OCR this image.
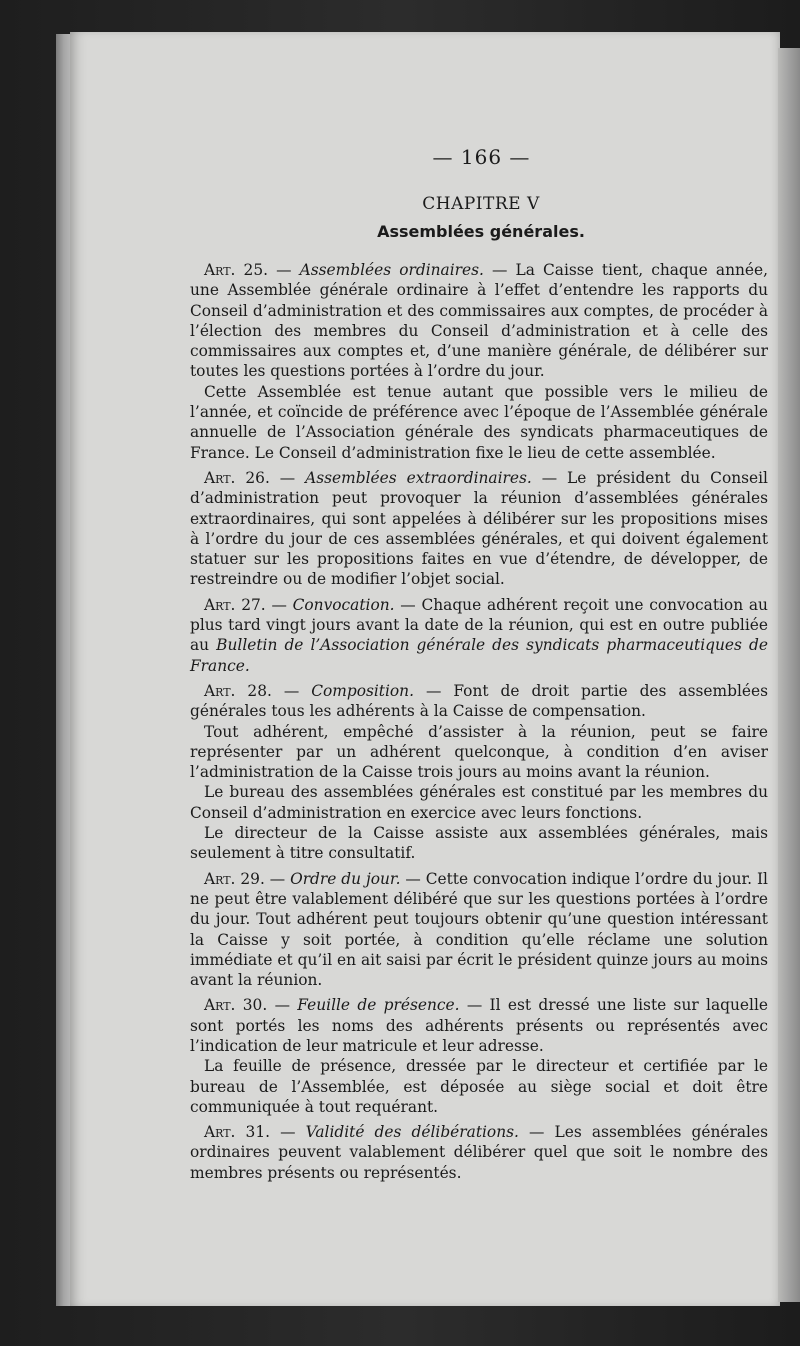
— 166 —
CHAPITRE V
Assemblées générales.

Art. 25. — Assemblées ordinaires. — La Caisse tient, chaque année, une Assemblée générale ordinaire à l’effet d’entendre les rapports du Conseil d’administration et des commissaires aux comptes, de procéder à l’élection des membres du Conseil d’administration et à celle des commissaires aux comptes et, d’une manière générale, de délibérer sur toutes les questions portées à l’ordre du jour.

Cette Assemblée est tenue autant que possible vers le milieu de l’année, et coïncide de préférence avec l’époque de l’Assemblée générale annuelle de l’Association générale des syndicats pharmaceutiques de France. Le Conseil d’administration fixe le lieu de cette assemblée.

Art. 26. — Assemblées extraordinaires. — Le président du Conseil d’administration peut provoquer la réunion d’assemblées générales extraordinaires, qui sont appelées à délibérer sur les propositions mises à l’ordre du jour de ces assemblées générales, et qui doivent également statuer sur les propositions faites en vue d’étendre, de développer, de restreindre ou de modifier l’objet social.

Art. 27. — Convocation. — Chaque adhérent reçoit une convocation au plus tard vingt jours avant la date de la réunion, qui est en outre publiée au Bulletin de l’Association générale des syndicats pharmaceutiques de France.

Art. 28. — Composition. — Font de droit partie des assemblées générales tous les adhérents à la Caisse de compensation.

Tout adhérent, empêché d’assister à la réunion, peut se faire représenter par un adhérent quelconque, à condition d’en aviser l’administration de la Caisse trois jours au moins avant la réunion.

Le bureau des assemblées générales est constitué par les membres du Conseil d’administration en exercice avec leurs fonctions.

Le directeur de la Caisse assiste aux assemblées générales, mais seulement à titre consultatif.

Art. 29. — Ordre du jour. — Cette convocation indique l’ordre du jour. Il ne peut être valablement délibéré que sur les questions portées à l’ordre du jour. Tout adhérent peut toujours obtenir qu’une question intéressant la Caisse y soit portée, à condition qu’elle réclame une solution immédiate et qu’il en ait saisi par écrit le président quinze jours au moins avant la réunion.

Art. 30. — Feuille de présence. — Il est dressé une liste sur laquelle sont portés les noms des adhérents présents ou représentés avec l’indication de leur matricule et leur adresse.

La feuille de présence, dressée par le directeur et certifiée par le bureau de l’Assemblée, est déposée au siège social et doit être communiquée à tout requérant.

Art. 31. — Validité des délibérations. — Les assemblées générales ordinaires peuvent valablement délibérer quel que soit le nombre des membres présents ou représentés.
